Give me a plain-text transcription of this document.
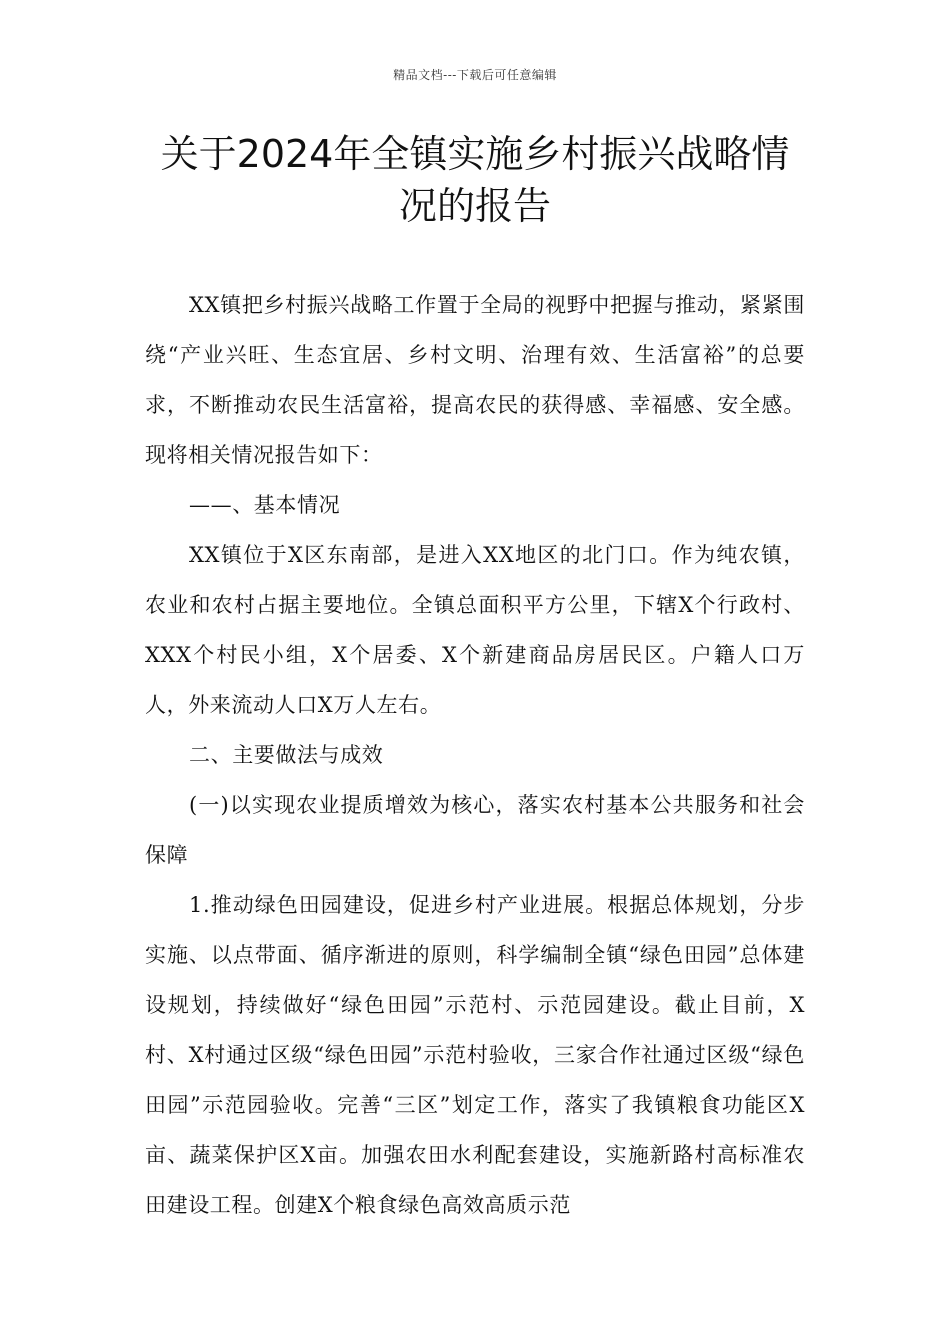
精品文档---下载后可任意编辑
关于2024年全镇实施乡村振兴战略情况的报告

XX镇把乡村振兴战略工作置于全局的视野中把握与推动，紧紧围绕“产业兴旺、生态宜居、乡村文明、治理有效、生活富裕”的总要求，不断推动农民生活富裕，提高农民的获得感、幸福感、安全感。现将相关情况报告如下：

——、基本情况

XX镇位于X区东南部，是进入XX地区的北门口。作为纯农镇，农业和农村占据主要地位。全镇总面积平方公里，下辖X个行政村、XXX个村民小组，X个居委、X个新建商品房居民区。户籍人口万人，外来流动人口X万人左右。

二、主要做法与成效

(一)以实现农业提质增效为核心，落实农村基本公共服务和社会保障

1.推动绿色田园建设，促进乡村产业进展。根据总体规划，分步实施、以点带面、循序渐进的原则，科学编制全镇“绿色田园”总体建设规划，持续做好“绿色田园”示范村、示范园建设。截止目前，X村、X村通过区级“绿色田园”示范村验收，三家合作社通过区级“绿色田园”示范园验收。完善“三区”划定工作，落实了我镇粮食功能区X亩、蔬菜保护区X亩。加强农田水利配套建设，实施新路村高标准农田建设工程。创建X个粮食绿色高效高质示范
